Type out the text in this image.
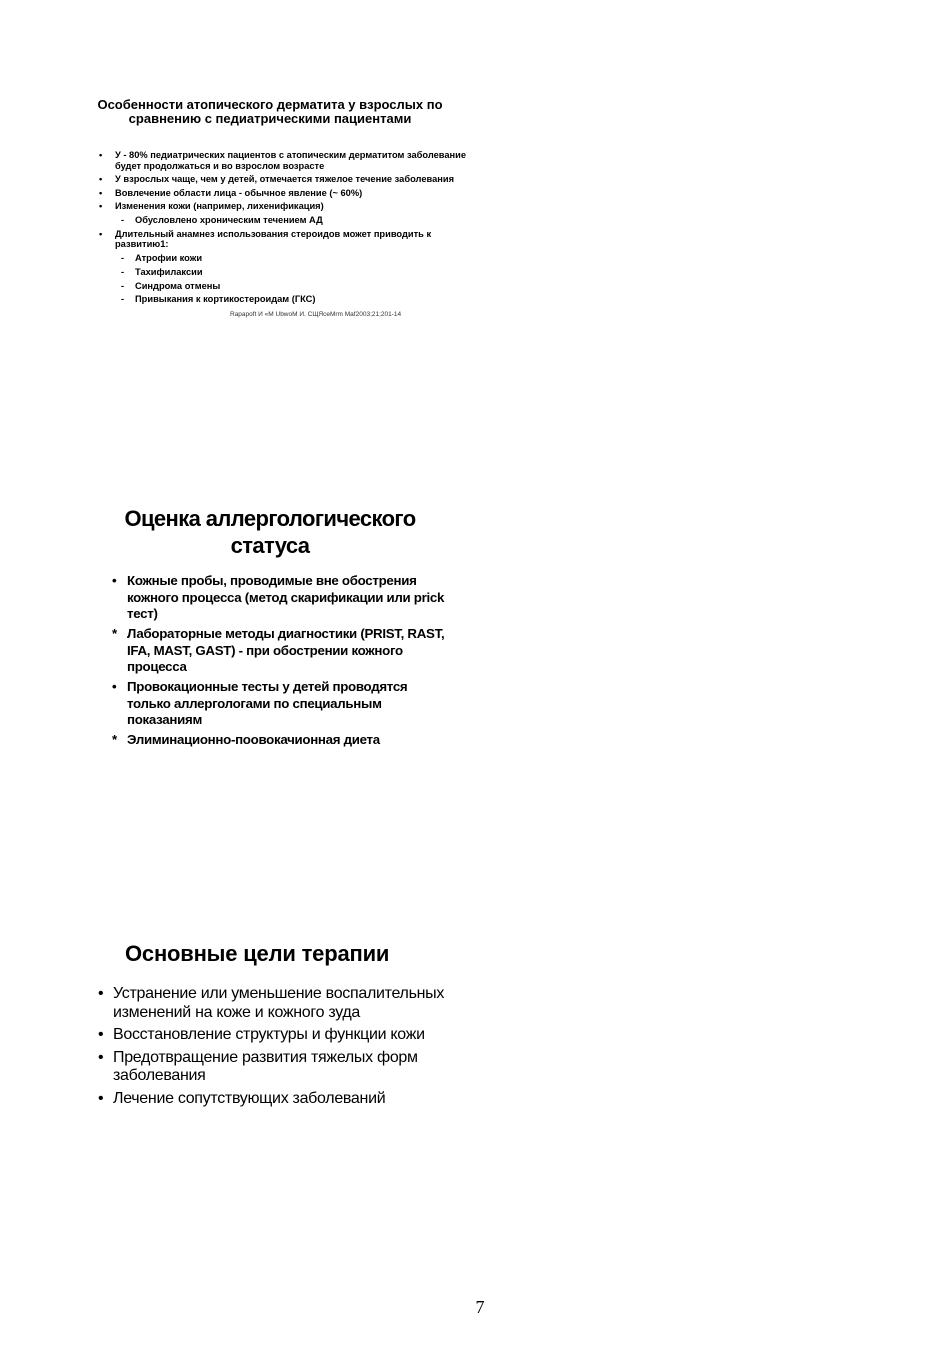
Особенности атопического дерматита у взрослых по сравнению с педиатрическими пациентами
• У - 80% педиатрических пациентов с атопическим дерматитом заболевание будет продолжаться и во взрослом возрасте
• У взрослых чаще, чем у детей, отмечается тяжелое течение заболевания
• Вовлечение области лица - обычное явление (~ 60%)
• Изменения кожи (например, лихенификация)
- Обусловлено хроническим течением АД
• Длительный анамнез использования стероидов может приводить к развитию1:
- Атрофии кожи
- Тахифилаксии
- Синдрома отмены
- Привыкания к кортикостероидам (ГКС)
Rapapoft И «M UbwoM И. СЩЯсеMrm Maf2003;21;201-14
Оценка аллергологического статуса
• Кожные пробы, проводимые вне обострения кожного процесса (метод скарификации или prick тест)
* Лабораторные методы диагностики (PRIST, RAST, IFA, MAST, GAST) - при обострении кожного процесса
• Провокационные тесты у детей проводятся только аллергологами по специальным показаниям
* Элиминационно-поовокачионная диета
Основные цели терапии
• Устранение или уменьшение воспалительных изменений на коже и кожного зуда
• Восстановление структуры и функции кожи
• Предотвращение развития тяжелых форм заболевания
• Лечение сопутствующих заболеваний
7
